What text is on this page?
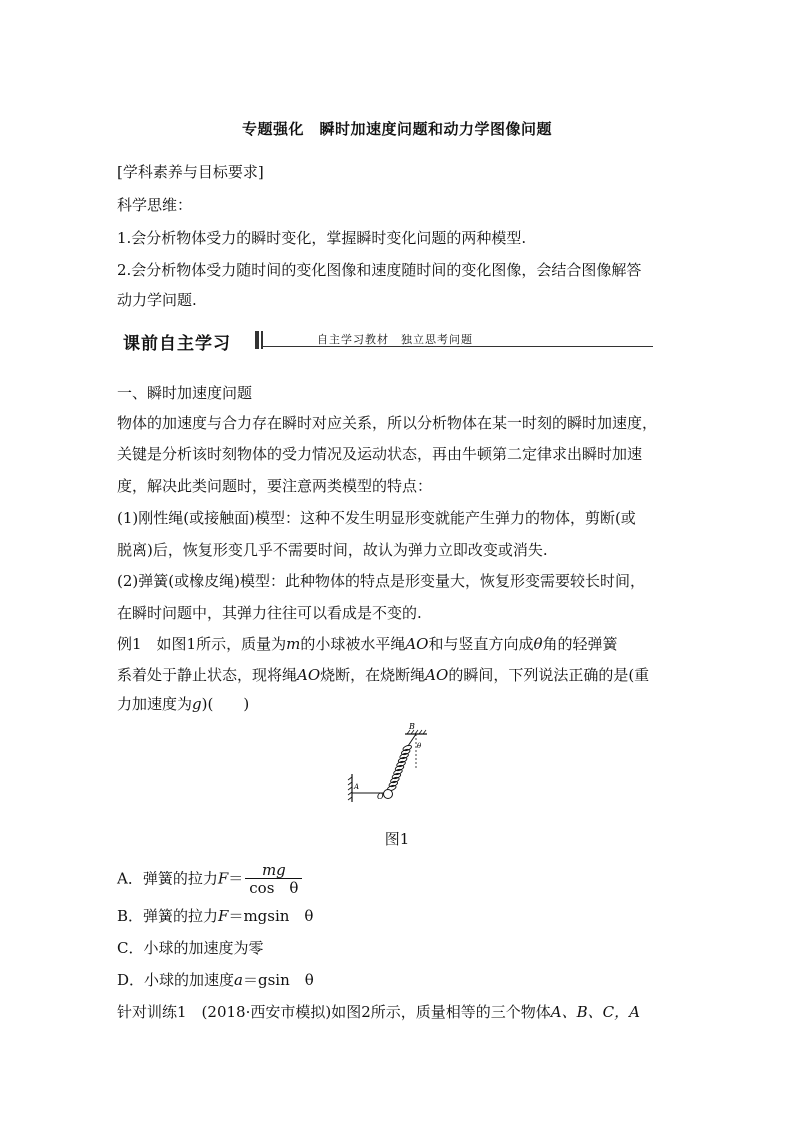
专题强化　瞬时加速度问题和动力学图像问题
[学科素养与目标要求]
科学思维：
1.会分析物体受力的瞬时变化，掌握瞬时变化问题的两种模型.
2.会分析物体受力随时间的变化图像和速度随时间的变化图像，会结合图像解答
动力学问题.
课前自主学习	自主学习教材　独立思考问题
一、瞬时加速度问题
物体的加速度与合力存在瞬时对应关系，所以分析物体在某一时刻的瞬时加速度，
关键是分析该时刻物体的受力情况及运动状态，再由牛顿第二定律求出瞬时加速
度，解决此类问题时，要注意两类模型的特点：
(1)刚性绳(或接触面)模型：这种不发生明显形变就能产生弹力的物体，剪断(或
脱离)后，恢复形变几乎不需要时间，故认为弹力立即改变或消失.
(2)弹簧(或橡皮绳)模型：此种物体的特点是形变量大，恢复形变需要较长时间，
在瞬时问题中，其弹力往往可以看成是不变的.
例1　如图1所示，质量为m的小球被水平绳AO和与竖直方向成θ角的轻弹簧
系着处于静止状态，现将绳AO烧断，在烧断绳AO的瞬间，下列说法正确的是(重
力加速度为g)(　　)
B
θ
A
O
图1
A．弹簧的拉力$F= \frac{mg}{\text{cos　θ}}$
B．弹簧的拉力F＝mgsin　θ
C．小球的加速度为零
D．小球的加速度a＝gsin　θ
针对训练1　(2018·西安市模拟)如图2所示，质量相等的三个物体A、B、C，A
